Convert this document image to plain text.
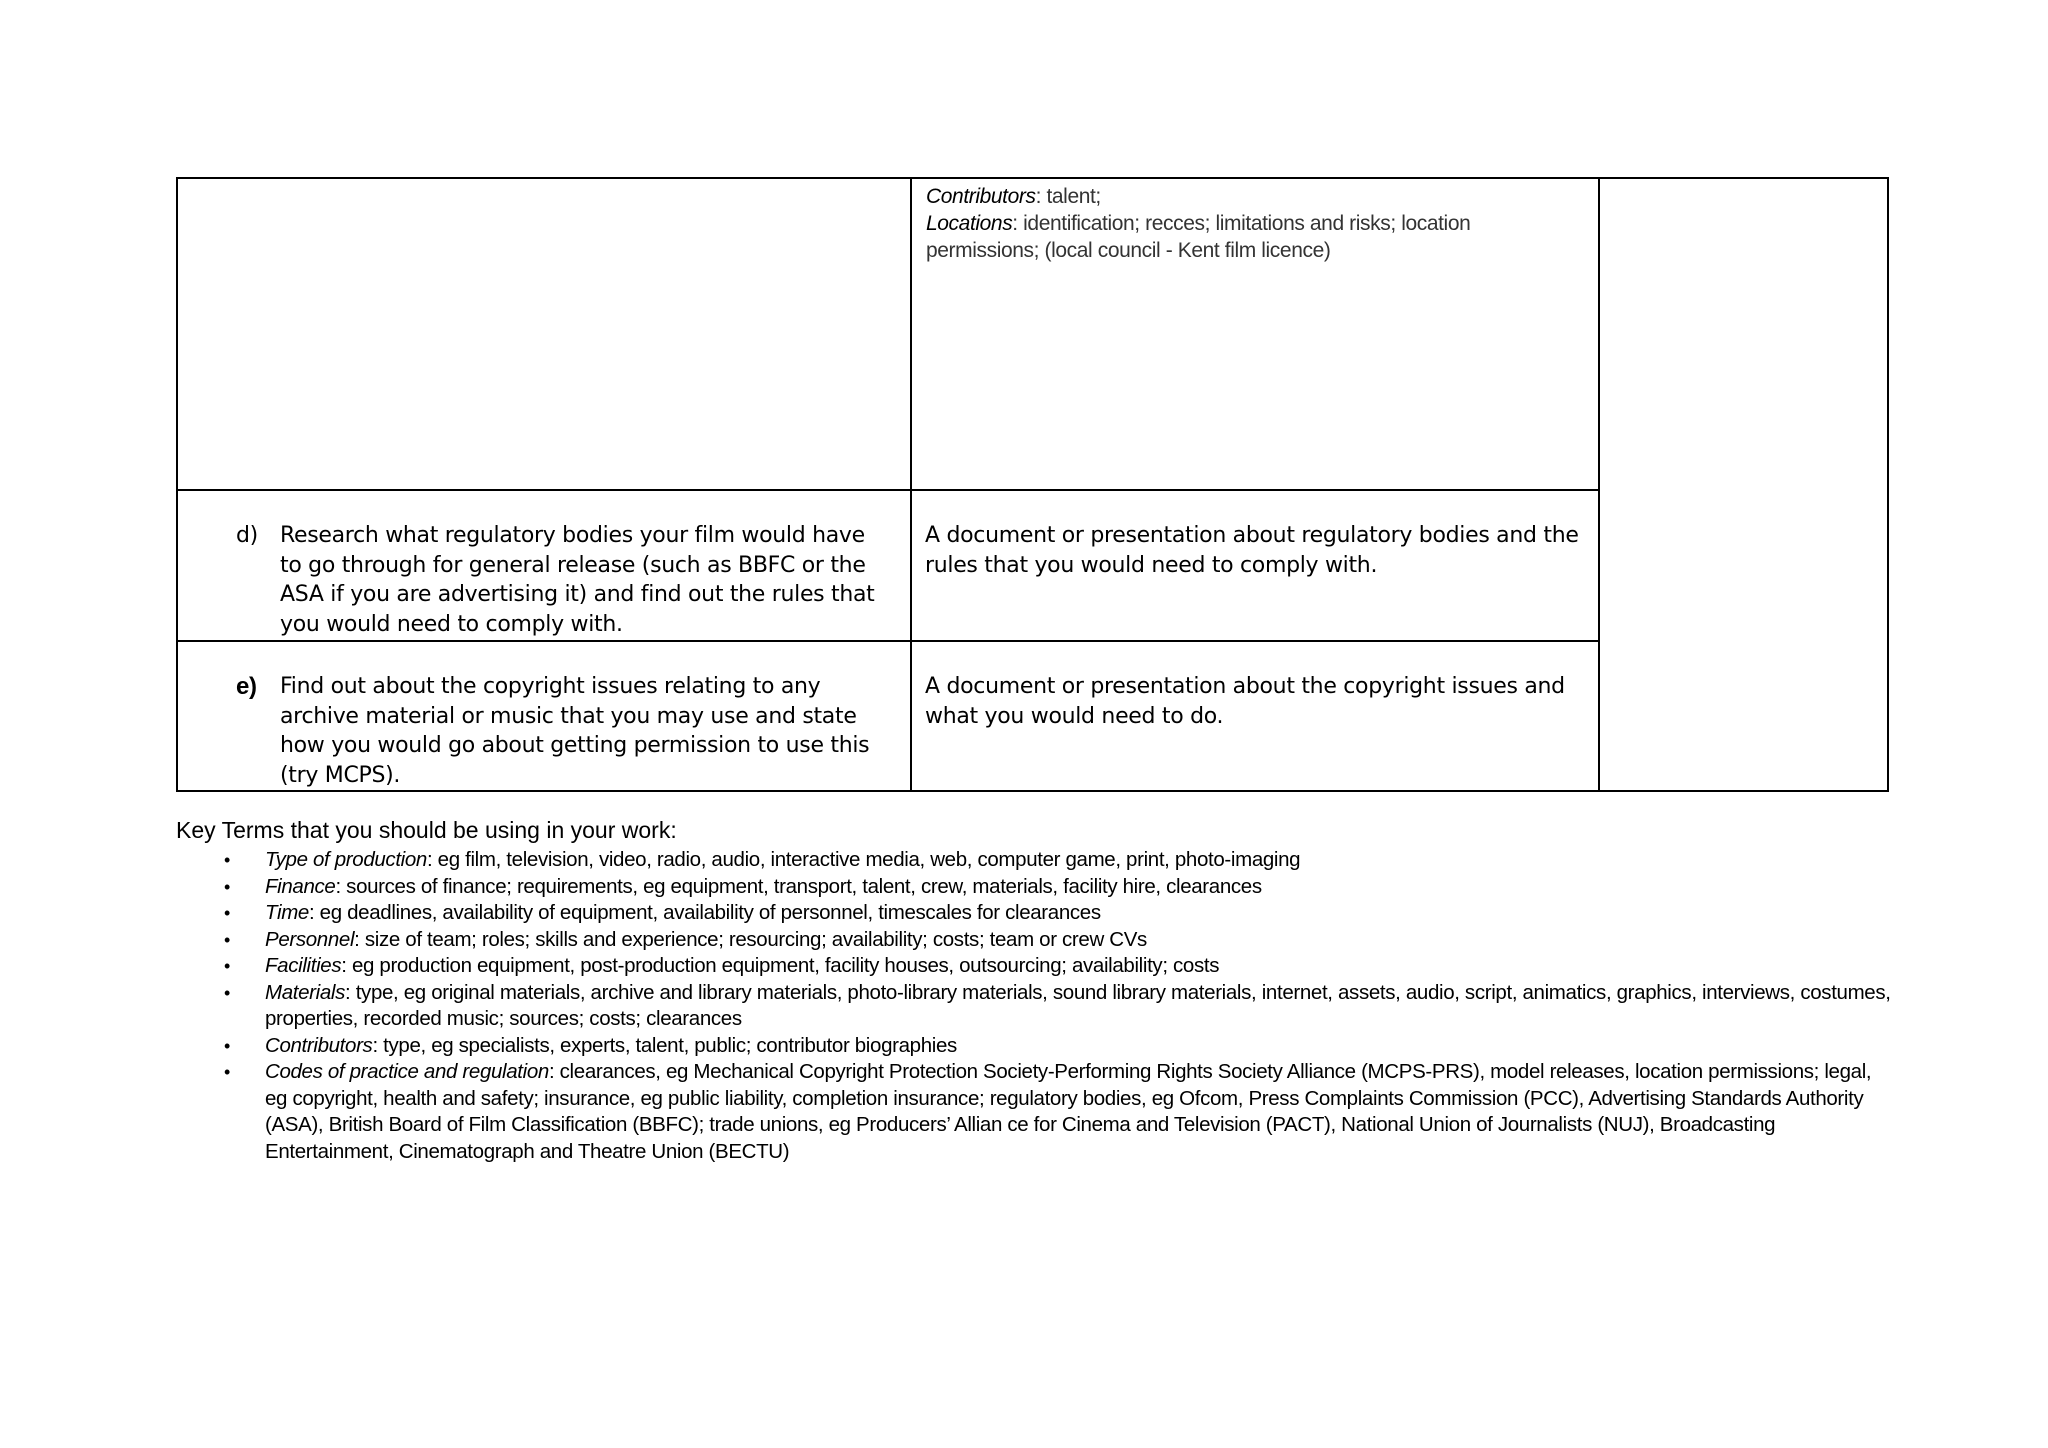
	Contributors: talent;
Locations: identification; recces; limitations and risks; location permissions; (local council - Kent film licence)	

d) Research what regulatory bodies your film would have to go through for general release (such as BBFC or the ASA if you are advertising it) and find out the rules that you would need to comply with.	A document or presentation about regulatory bodies and the rules that you would need to comply with.	

e) Find out about the copyright issues relating to any archive material or music that you may use and state how you would go about getting permission to use this (try MCPS).	A document or presentation about the copyright issues and what you would need to do.	
Key Terms that you should be using in your work:
• Type of production: eg film, television, video, radio, audio, interactive media, web, computer game, print, photo-imaging
• Finance: sources of finance; requirements, eg equipment, transport, talent, crew, materials, facility hire, clearances
• Time: eg deadlines, availability of equipment, availability of personnel, timescales for clearances
• Personnel: size of team; roles; skills and experience; resourcing; availability; costs; team or crew CVs
• Facilities: eg production equipment, post-production equipment, facility houses, outsourcing; availability; costs
• Materials: type, eg original materials, archive and library materials, photo-library materials, sound library materials, internet, assets, audio, script, animatics, graphics, interviews, costumes, properties, recorded music; sources; costs; clearances
• Contributors: type, eg specialists, experts, talent, public; contributor biographies
• Codes of practice and regulation: clearances, eg Mechanical Copyright Protection Society-Performing Rights Society Alliance (MCPS-PRS), model releases, location permissions; legal, eg copyright, health and safety; insurance, eg public liability, completion insurance; regulatory bodies, eg Ofcom, Press Complaints Commission (PCC), Advertising Standards Authority (ASA), British Board of Film Classification (BBFC); trade unions, eg Producers’ Allian ce for Cinema and Television (PACT), National Union of Journalists (NUJ), Broadcasting Entertainment, Cinematograph and Theatre Union (BECTU)
